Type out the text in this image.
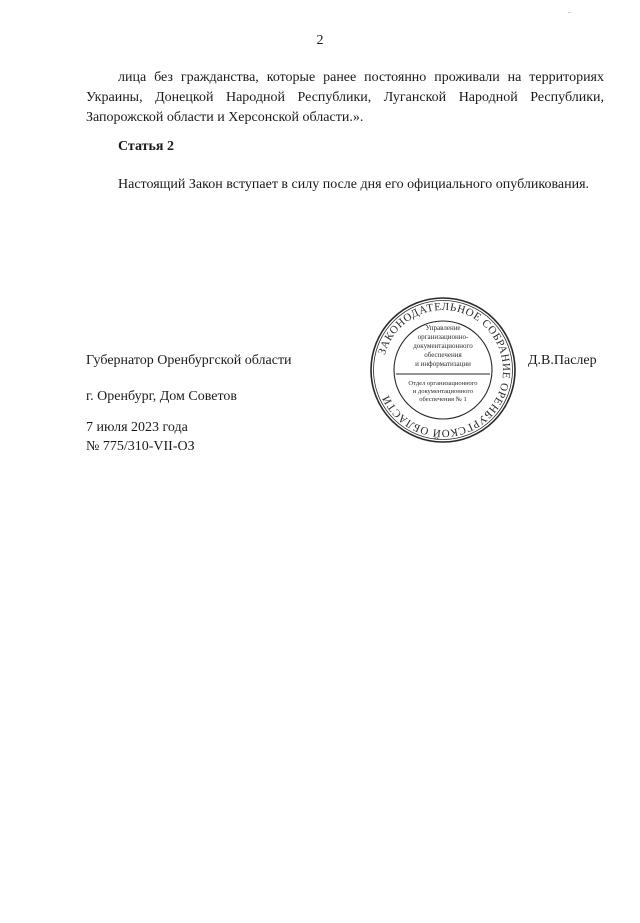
2
лица без гражданства, которые ранее постоянно проживали на территориях Украины, Донецкой Народной Республики, Луганской Народной Республики, Запорожской области и Херсонской области.».
Статья 2
Настоящий Закон вступает в силу после дня его официального опубликования.
Губернатор Оренбургской области	Д.В.Паслер
г. Оренбург, Дом Советов
7 июля 2023 года
№ 775/310-VII-ОЗ
ЗАКОНОДАТЕЛЬНОЕ СОБРАНИЕ ОРЕНБУРГСКОЙ ОБЛАСТИ
Управление
организационно-
документационного
обеспечения
и информатизации
Отдел организационного
и документационного
обеспечения № 1
